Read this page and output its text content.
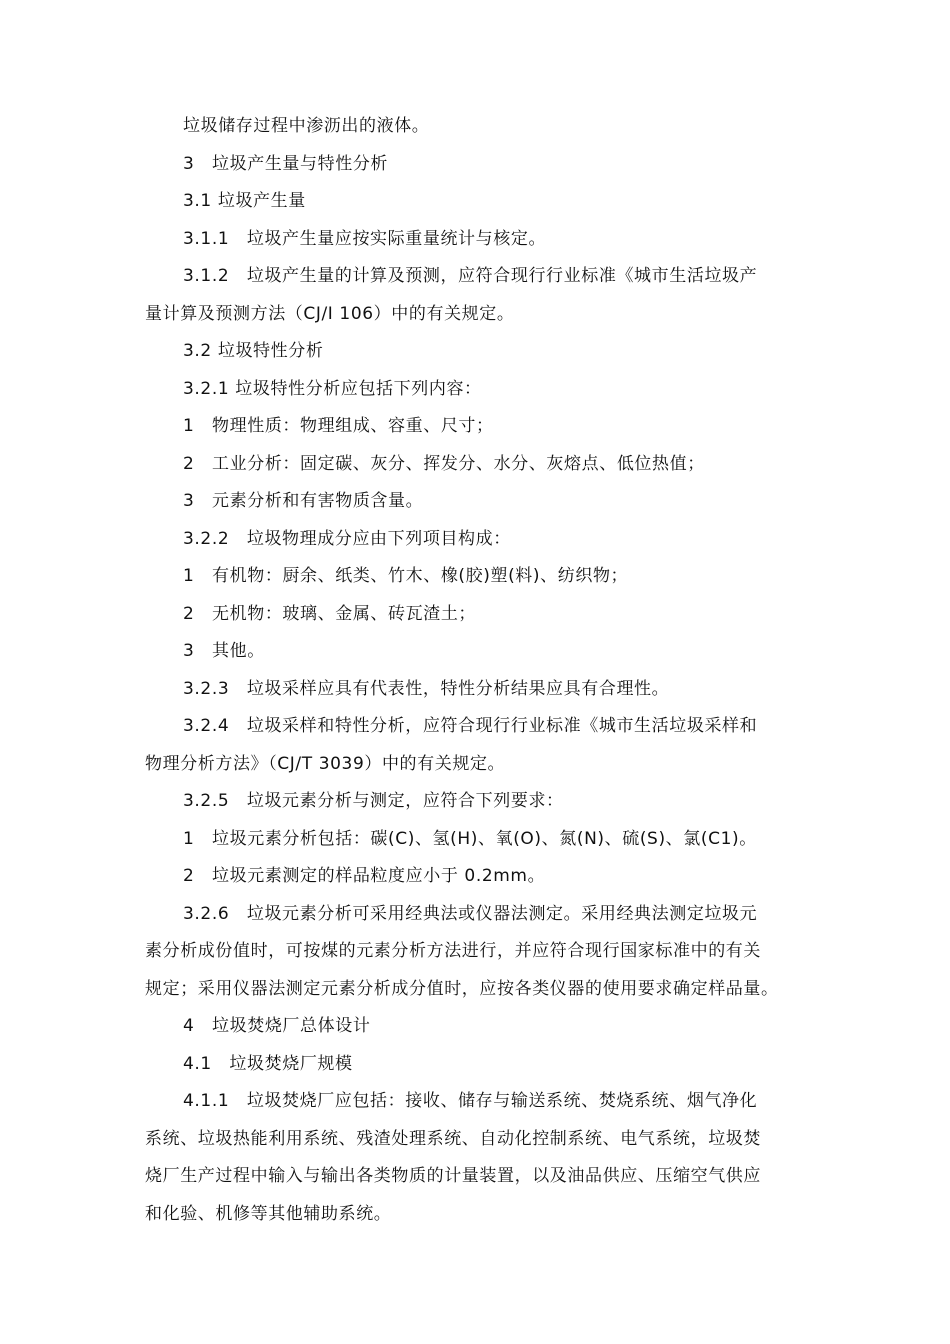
垃圾储存过程中渗沥出的液体。
3　垃圾产生量与特性分析
3.1 垃圾产生量
3.1.1　垃圾产生量应按实际重量统计与核定。
3.1.2　垃圾产生量的计算及预测，应符合现行行业标准《城市生活垃圾产
量计算及预测方法（CJ/I 106）中的有关规定。
3.2 垃圾特性分析
3.2.1 垃圾特性分析应包括下列内容：
1　物理性质：物理组成、容重、尺寸；
2　工业分析：固定碳、灰分、挥发分、水分、灰熔点、低位热值；
3　元素分析和有害物质含量。
3.2.2　垃圾物理成分应由下列项目构成：
1　有机物：厨余、纸类、竹木、橡(胶)塑(料)、纺织物；
2　无机物：玻璃、金属、砖瓦渣土；
3　其他。
3.2.3　垃圾采样应具有代表性，特性分析结果应具有合理性。
3.2.4　垃圾采样和特性分析，应符合现行行业标准《城市生活垃圾采样和
物理分析方法》（CJ/T 3039）中的有关规定。
3.2.5　垃圾元素分析与测定，应符合下列要求：
1　垃圾元素分析包括：碳(C)、氢(H)、氧(O)、氮(N)、硫(S)、氯(C1)。
2　垃圾元素测定的样品粒度应小于 0.2mm。
3.2.6　垃圾元素分析可采用经典法或仪器法测定。采用经典法测定垃圾元
素分析成份值时，可按煤的元素分析方法进行，并应符合现行国家标准中的有关
规定；采用仪器法测定元素分析成分值时，应按各类仪器的使用要求确定样品量。
4　垃圾焚烧厂总体设计
4.1　垃圾焚烧厂规模
4.1.1　垃圾焚烧厂应包括：接收、储存与输送系统、焚烧系统、烟气净化
系统、垃圾热能利用系统、残渣处理系统、自动化控制系统、电气系统，垃圾焚
烧厂生产过程中输入与输出各类物质的计量装置，以及油品供应、压缩空气供应
和化验、机修等其他辅助系统。
